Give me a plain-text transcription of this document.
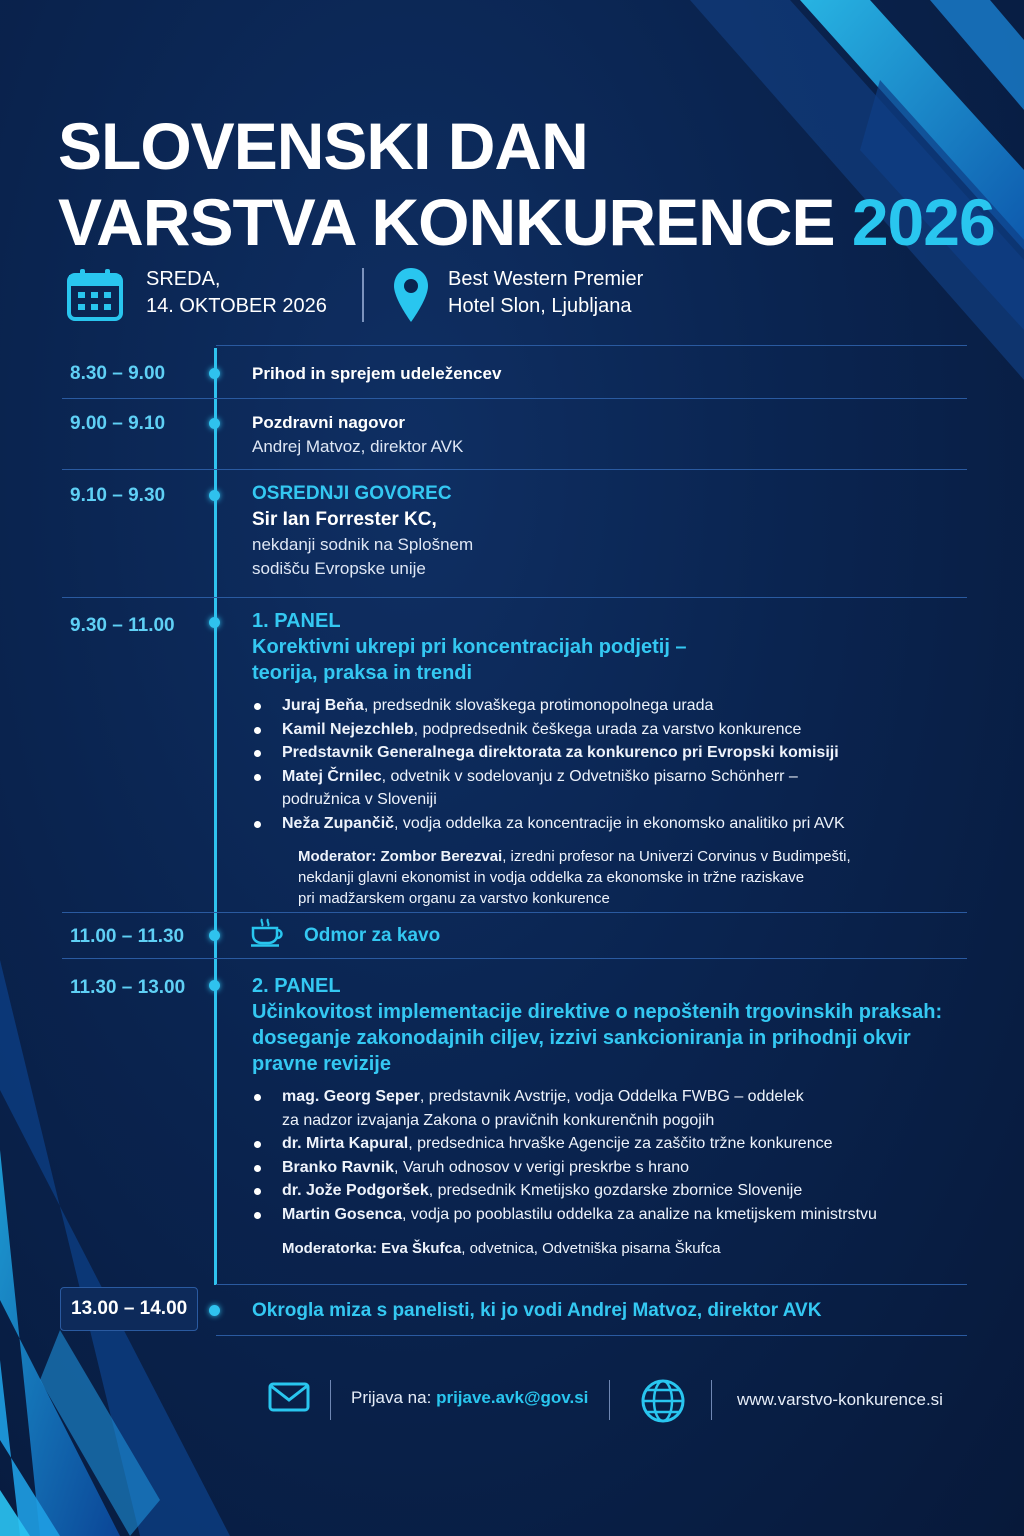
SLOVENSKI DAN
VARSTVA KONKURENCE 2026
SREDA,
14. OKTOBER 2026
Best Western Premier
Hotel Slon, Ljubljana
8.30 – 9.00	Prihod in sprejem udeležencev
9.00 – 9.10	Pozdravni nagovor
Andrej Matvoz, direktor AVK
9.10 – 9.30	OSREDNJI GOVOREC
Sir Ian Forrester KC,
nekdanji sodnik na Splošnem
sodišču Evropske unije
9.30 – 11.00	1. PANEL
Korektivni ukrepi pri koncentracijah podjetij –
teorija, praksa in trendi
Juraj Beňa, predsednik slovaškega protimonopolnega urada
Kamil Nejezchleb, podpredsednik češkega urada za varstvo konkurence
Predstavnik Generalnega direktorata za konkurenco pri Evropski komisiji
Matej Črnilec, odvetnik v sodelovanju z Odvetniško pisarno Schönherr –
podružnica v Sloveniji
Neža Zupančič, vodja oddelka za koncentracije in ekonomsko analitiko pri AVK
Moderator: Zombor Berezvai, izredni profesor na Univerzi Corvinus v Budimpešti,
nekdanji glavni ekonomist in vodja oddelka za ekonomske in tržne raziskave
pri madžarskem organu za varstvo konkurence
11.00 – 11.30	Odmor za kavo
11.30 – 13.00	2. PANEL
Učinkovitost implementacije direktive o nepoštenih trgovinskih praksah:
doseganje zakonodajnih ciljev, izzivi sankcioniranja in prihodnji okvir
pravne revizije
mag. Georg Seper, predstavnik Avstrije, vodja Oddelka FWBG – oddelek
za nadzor izvajanja Zakona o pravičnih konkurenčnih pogojih
dr. Mirta Kapural, predsednica hrvaške Agencije za zaščito tržne konkurence
Branko Ravnik, Varuh odnosov v verigi preskrbe s hrano
dr. Jože Podgoršek, predsednik Kmetijsko gozdarske zbornice Slovenije
Martin Gosenca, vodja po pooblastilu oddelka za analize na kmetijskem ministrstvu
Moderatorka: Eva Škufca, odvetnica, Odvetniška pisarna Škufca
13.00 – 14.00	Okrogla miza s panelisti, ki jo vodi Andrej Matvoz, direktor AVK
Prijava na: prijave.avk@gov.si	www.varstvo-konkurence.si
